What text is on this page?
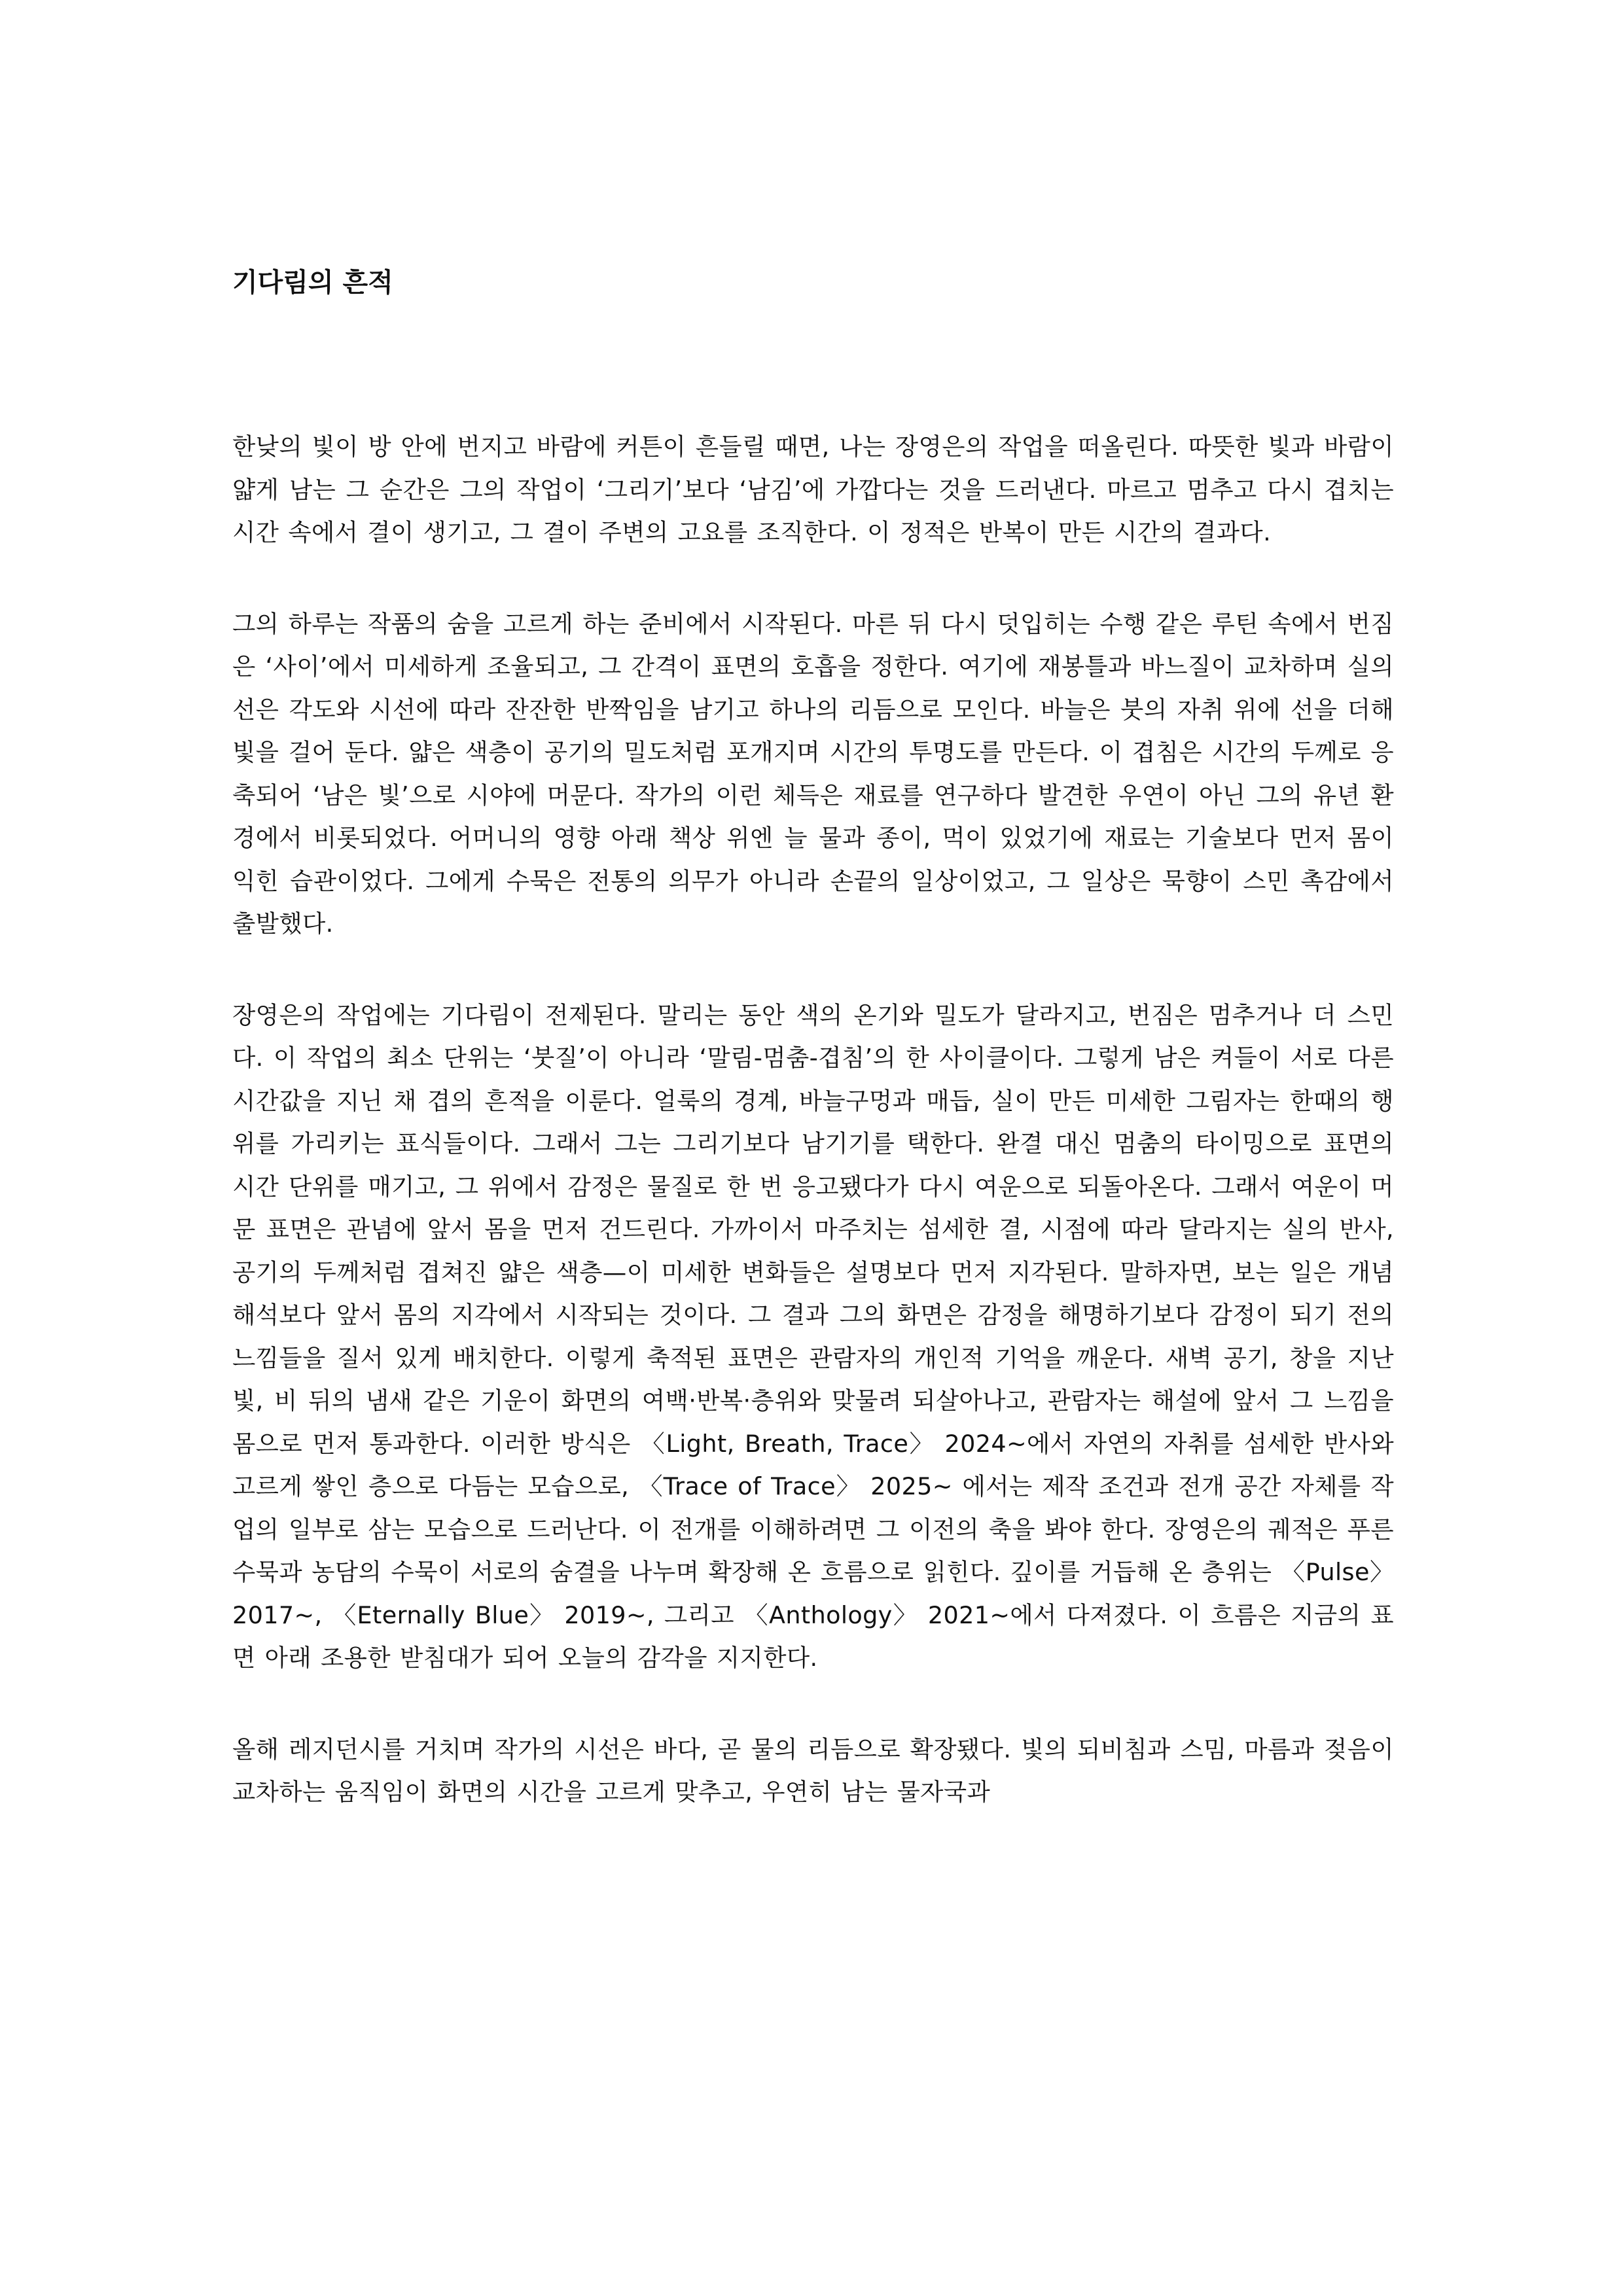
기다림의 흔적

한낮의 빛이 방 안에 번지고 바람에 커튼이 흔들릴 때면, 나는 장영은의 작업을 떠올린다. 따뜻한 빛과 바람이 얇게 남는 그 순간은 그의 작업이 ‘그리기’보다 ‘남김’에 가깝다는 것을 드러낸다. 마르고 멈추고 다시 겹치는 시간 속에서 결이 생기고, 그 결이 주변의 고요를 조직한다. 이 정적은 반복이 만든 시간의 결과다.

그의 하루는 작품의 숨을 고르게 하는 준비에서 시작된다. 마른 뒤 다시 덧입히는 수행 같은 루틴 속에서 번짐은 ‘사이’에서 미세하게 조율되고, 그 간격이 표면의 호흡을 정한다. 여기에 재봉틀과 바느질이 교차하며 실의 선은 각도와 시선에 따라 잔잔한 반짝임을 남기고 하나의 리듬으로 모인다. 바늘은 붓의 자취 위에 선을 더해 빛을 걸어 둔다. 얇은 색층이 공기의 밀도처럼 포개지며 시간의 투명도를 만든다. 이 겹침은 시간의 두께로 응축되어 ‘남은 빛’으로 시야에 머문다. 작가의 이런 체득은 재료를 연구하다 발견한 우연이 아닌 그의 유년 환경에서 비롯되었다. 어머니의 영향 아래 책상 위엔 늘 물과 종이, 먹이 있었기에 재료는 기술보다 먼저 몸이 익힌 습관이었다. 그에게 수묵은 전통의 의무가 아니라 손끝의 일상이었고, 그 일상은 묵향이 스민 촉감에서 출발했다.

장영은의 작업에는 기다림이 전제된다. 말리는 동안 색의 온기와 밀도가 달라지고, 번짐은 멈추거나 더 스민다. 이 작업의 최소 단위는 ‘붓질’이 아니라 ‘말림-멈춤-겹침’의 한 사이클이다. 그렇게 남은 켜들이 서로 다른 시간값을 지닌 채 겹의 흔적을 이룬다. 얼룩의 경계, 바늘구멍과 매듭, 실이 만든 미세한 그림자는 한때의 행위를 가리키는 표식들이다. 그래서 그는 그리기보다 남기기를 택한다. 완결 대신 멈춤의 타이밍으로 표면의 시간 단위를 매기고, 그 위에서 감정은 물질로 한 번 응고됐다가 다시 여운으로 되돌아온다. 그래서 여운이 머문 표면은 관념에 앞서 몸을 먼저 건드린다. 가까이서 마주치는 섬세한 결, 시점에 따라 달라지는 실의 반사, 공기의 두께처럼 겹쳐진 얇은 색층—이 미세한 변화들은 설명보다 먼저 지각된다. 말하자면, 보는 일은 개념 해석보다 앞서 몸의 지각에서 시작되는 것이다. 그 결과 그의 화면은 감정을 해명하기보다 감정이 되기 전의 느낌들을 질서 있게 배치한다. 이렇게 축적된 표면은 관람자의 개인적 기억을 깨운다. 새벽 공기, 창을 지난 빛, 비 뒤의 냄새 같은 기운이 화면의 여백·반복·층위와 맞물려 되살아나고, 관람자는 해설에 앞서 그 느낌을 몸으로 먼저 통과한다. 이러한 방식은 〈Light, Breath, Trace〉 2024~에서 자연의 자취를 섬세한 반사와 고르게 쌓인 층으로 다듬는 모습으로, 〈Trace of Trace〉 2025~ 에서는 제작 조건과 전개 공간 자체를 작업의 일부로 삼는 모습으로 드러난다. 이 전개를 이해하려면 그 이전의 축을 봐야 한다. 장영은의 궤적은 푸른 수묵과 농담의 수묵이 서로의 숨결을 나누며 확장해 온 흐름으로 읽힌다. 깊이를 거듭해 온 층위는 〈Pulse〉 2017~, 〈Eternally Blue〉 2019~, 그리고 〈Anthology〉 2021~에서 다져졌다. 이 흐름은 지금의 표면 아래 조용한 받침대가 되어 오늘의 감각을 지지한다.

올해 레지던시를 거치며 작가의 시선은 바다, 곧 물의 리듬으로 확장됐다. 빛의 되비침과 스밈, 마름과 젖음이 교차하는 움직임이 화면의 시간을 고르게 맞추고, 우연히 남는 물자국과
